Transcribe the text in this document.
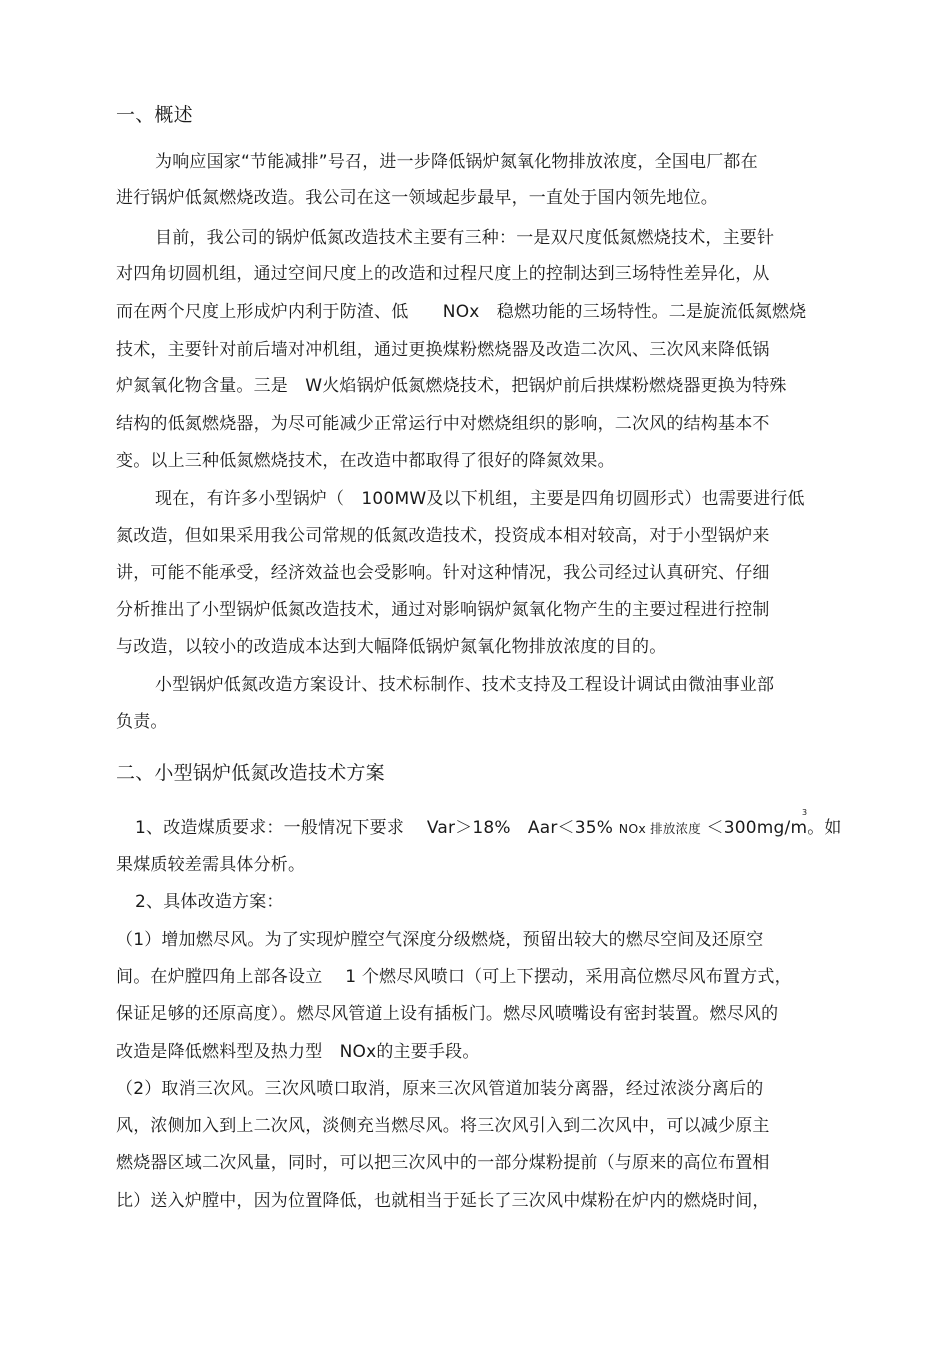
一、概述
为响应国家“节能减排”号召，进一步降低锅炉氮氧化物排放浓度，全国电厂都在
进行锅炉低氮燃烧改造。我公司在这一领域起步最早，一直处于国内领先地位。
目前，我公司的锅炉低氮改造技术主要有三种：一是双尺度低氮燃烧技术，主要针
对四角切圆机组，通过空间尺度上的改造和过程尺度上的控制达到三场特性差异化，从
而在两个尺度上形成炉内利于防渣、低　　NOx　稳燃功能的三场特性。二是旋流低氮燃烧
技术，主要针对前后墙对冲机组，通过更换煤粉燃烧器及改造二次风、三次风来降低锅
炉氮氧化物含量。三是　W火焰锅炉低氮燃烧技术，把锅炉前后拱煤粉燃烧器更换为特殊
结构的低氮燃烧器，为尽可能减少正常运行中对燃烧组织的影响，二次风的结构基本不
变。以上三种低氮燃烧技术，在改造中都取得了很好的降氮效果。
现在，有许多小型锅炉（　100MW及以下机组，主要是四角切圆形式）也需要进行低
氮改造，但如果采用我公司常规的低氮改造技术，投资成本相对较高，对于小型锅炉来
讲，可能不能承受，经济效益也会受影响。针对这种情况，我公司经过认真研究、仔细
分析推出了小型锅炉低氮改造技术，通过对影响锅炉氮氧化物产生的主要过程进行控制
与改造，以较小的改造成本达到大幅降低锅炉氮氧化物排放浓度的目的。
小型锅炉低氮改造方案设计、技术标制作、技术支持及工程设计调试由微油事业部
负责。
二、小型锅炉低氮改造技术方案
1、改造煤质要求：一般情况下要求　 Var＞18%　Aar＜35% NOx 排放浓度 ＜300mg/m。如
3
果煤质较差需具体分析。
2、具体改造方案：
（1）增加燃尽风。为了实现炉膛空气深度分级燃烧，预留出较大的燃尽空间及还原空
间。在炉膛四角上部各设立　 1 个燃尽风喷口（可上下摆动，采用高位燃尽风布置方式，
保证足够的还原高度）。燃尽风管道上设有插板门。燃尽风喷嘴设有密封装置。燃尽风的
改造是降低燃料型及热力型　NOx的主要手段。
（2）取消三次风。三次风喷口取消，原来三次风管道加装分离器，经过浓淡分离后的
风，浓侧加入到上二次风，淡侧充当燃尽风。将三次风引入到二次风中，可以减少原主
燃烧器区域二次风量，同时，可以把三次风中的一部分煤粉提前（与原来的高位布置相
比）送入炉膛中，因为位置降低，也就相当于延长了三次风中煤粉在炉内的燃烧时间，
